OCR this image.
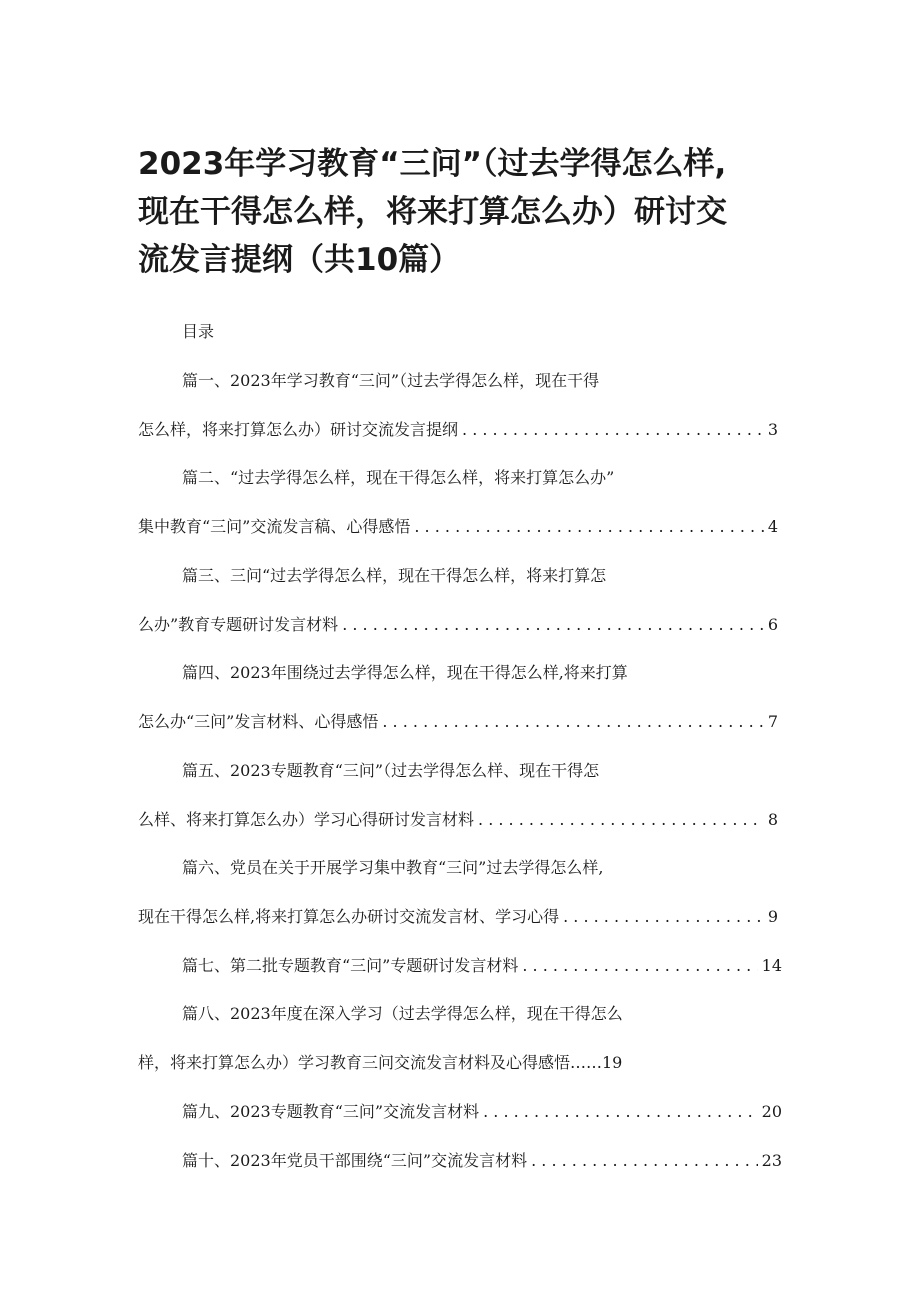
2023年学习教育“三问”（过去学得怎么样,
现在干得怎么样，将来打算怎么办）研讨交
流发言提纲（共10篇）
目录
篇一、2023年学习教育“三问”（过去学得怎么样，现在干得
怎么样，将来打算怎么办）研讨交流发言提纲 . . .	3
篇二、“过去学得怎么样，现在干得怎么样，将来打算怎么办”
集中教育“三问”交流发言稿、心得感悟 . . .	4
篇三、三问“过去学得怎么样，现在干得怎么样，将来打算怎
么办”教育专题研讨发言材料 . . .	6
篇四、2023年围绕过去学得怎么样，现在干得怎么样,将来打算
怎么办“三问”发言材料、心得感悟 . . .	7
篇五、2023专题教育“三问”（过去学得怎么样、现在干得怎
么样、将来打算怎么办）学习心得研讨发言材料 . . .	8
篇六、党员在关于开展学习集中教育“三问”过去学得怎么样,
现在干得怎么样,将来打算怎么办研讨交流发言材、学习心得 . . .	9
篇七、第二批专题教育“三问”专题研讨发言材料 . . .	14
篇八、2023年度在深入学习（过去学得怎么样，现在干得怎么
样，将来打算怎么办）学习教育三问交流发言材料及心得感悟……19
篇九、2023专题教育“三问”交流发言材料 . . .	20
篇十、2023年党员干部围绕“三问”交流发言材料 . . .	23
